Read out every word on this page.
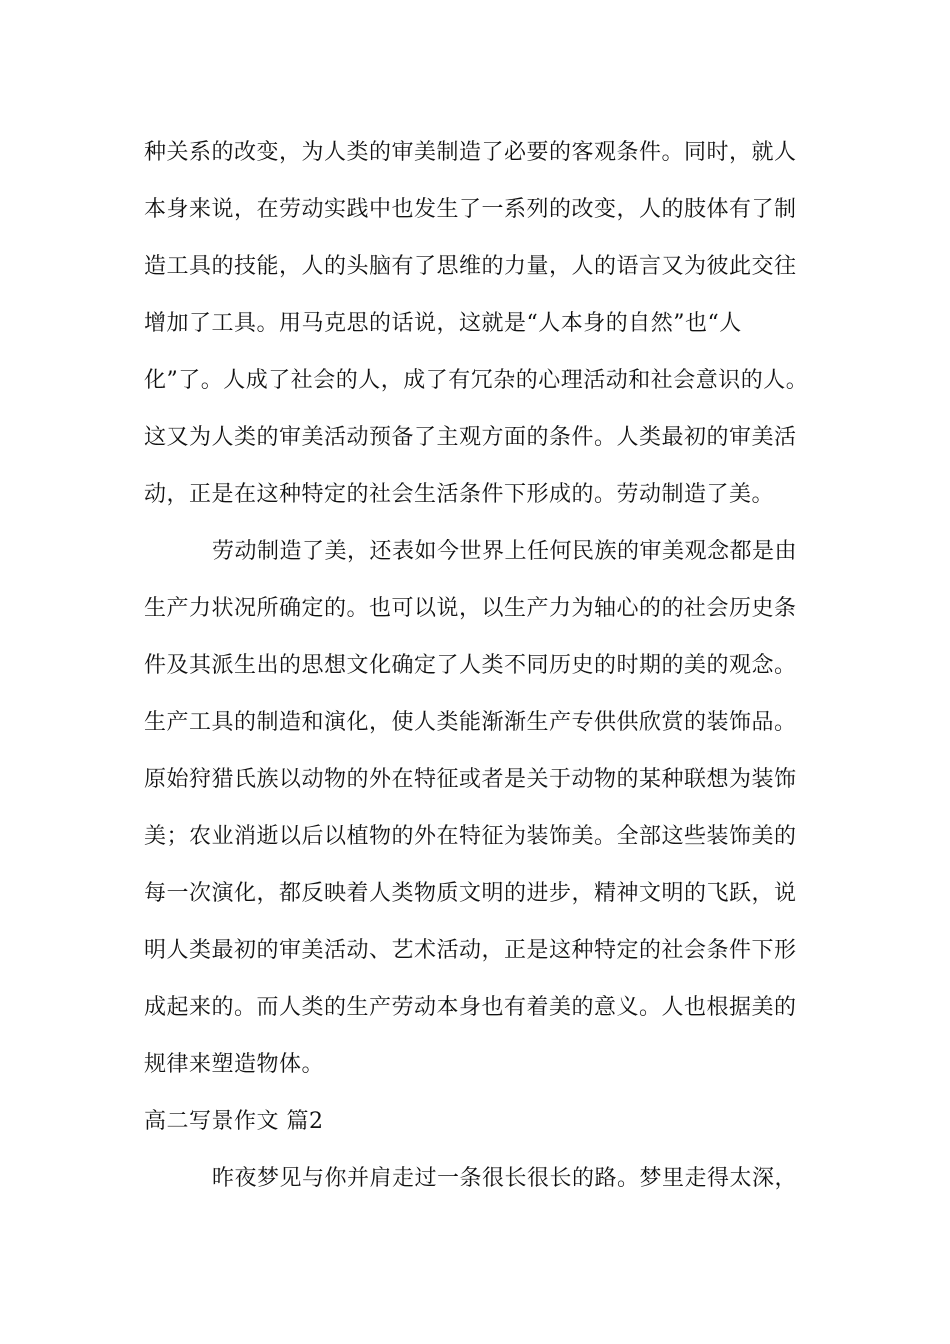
种关系的改变，为人类的审美制造了必要的客观条件。同时，就人
本身来说，在劳动实践中也发生了一系列的改变，人的肢体有了制
造工具的技能，人的头脑有了思维的力量，人的语言又为彼此交往
增加了工具。用马克思的话说，这就是“人本身的自然”也“人
化”了。人成了社会的人，成了有冗杂的心理活动和社会意识的人。
这又为人类的审美活动预备了主观方面的条件。人类最初的审美活
动，正是在这种特定的社会生活条件下形成的。劳动制造了美。
劳动制造了美，还表如今世界上任何民族的审美观念都是由
生产力状况所确定的。也可以说，以生产力为轴心的的社会历史条
件及其派生出的思想文化确定了人类不同历史的时期的美的观念。
生产工具的制造和演化，使人类能渐渐生产专供供欣赏的装饰品。
原始狩猎氏族以动物的外在特征或者是关于动物的某种联想为装饰
美；农业消逝以后以植物的外在特征为装饰美。全部这些装饰美的
每一次演化，都反映着人类物质文明的进步，精神文明的飞跃，说
明人类最初的审美活动、艺术活动，正是这种特定的社会条件下形
成起来的。而人类的生产劳动本身也有着美的意义。人也根据美的
规律来塑造物体。
高二写景作文 篇2
昨夜梦见与你并肩走过一条很长很长的路。梦里走得太深，
